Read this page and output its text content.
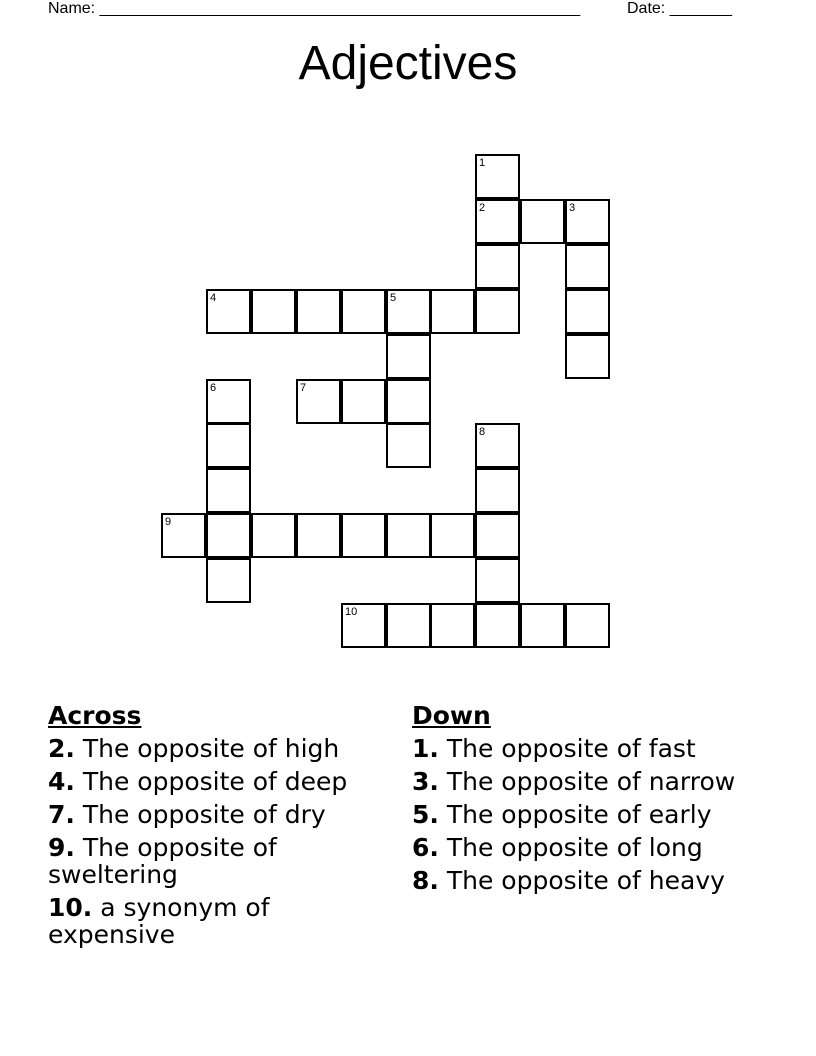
Name: ______________________________________________________	Date: _______
Adjectives
1
2	3
4	5
6	7
8
9
10
Across
2. The opposite of high
4. The opposite of deep
7. The opposite of dry
9. The opposite of sweltering
10. a synonym of expensive
Down
1. The opposite of fast
3. The opposite of narrow
5. The opposite of early
6. The opposite of long
8. The opposite of heavy
